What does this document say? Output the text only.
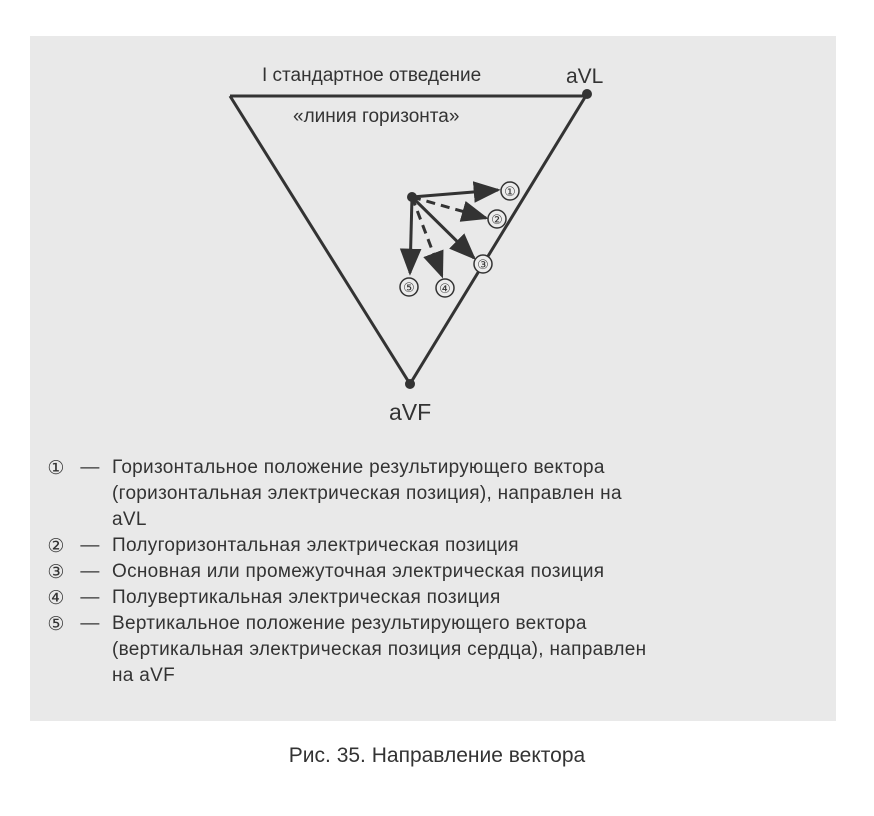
I стандартное отведение	aVL
«линия горизонта»
aVF
①
②
③
④
⑤
① — Горизонтальное положение результирующего вектора
(горизонтальная электрическая позиция), направлен на
aVL
② — Полугоризонтальная электрическая позиция
③ — Основная или промежуточная электрическая позиция
④ — Полувертикальная электрическая позиция
⑤ — Вертикальное положение результирующего вектора
(вертикальная электрическая позиция сердца), направлен
на aVF
Рис. 35. Направление вектора
